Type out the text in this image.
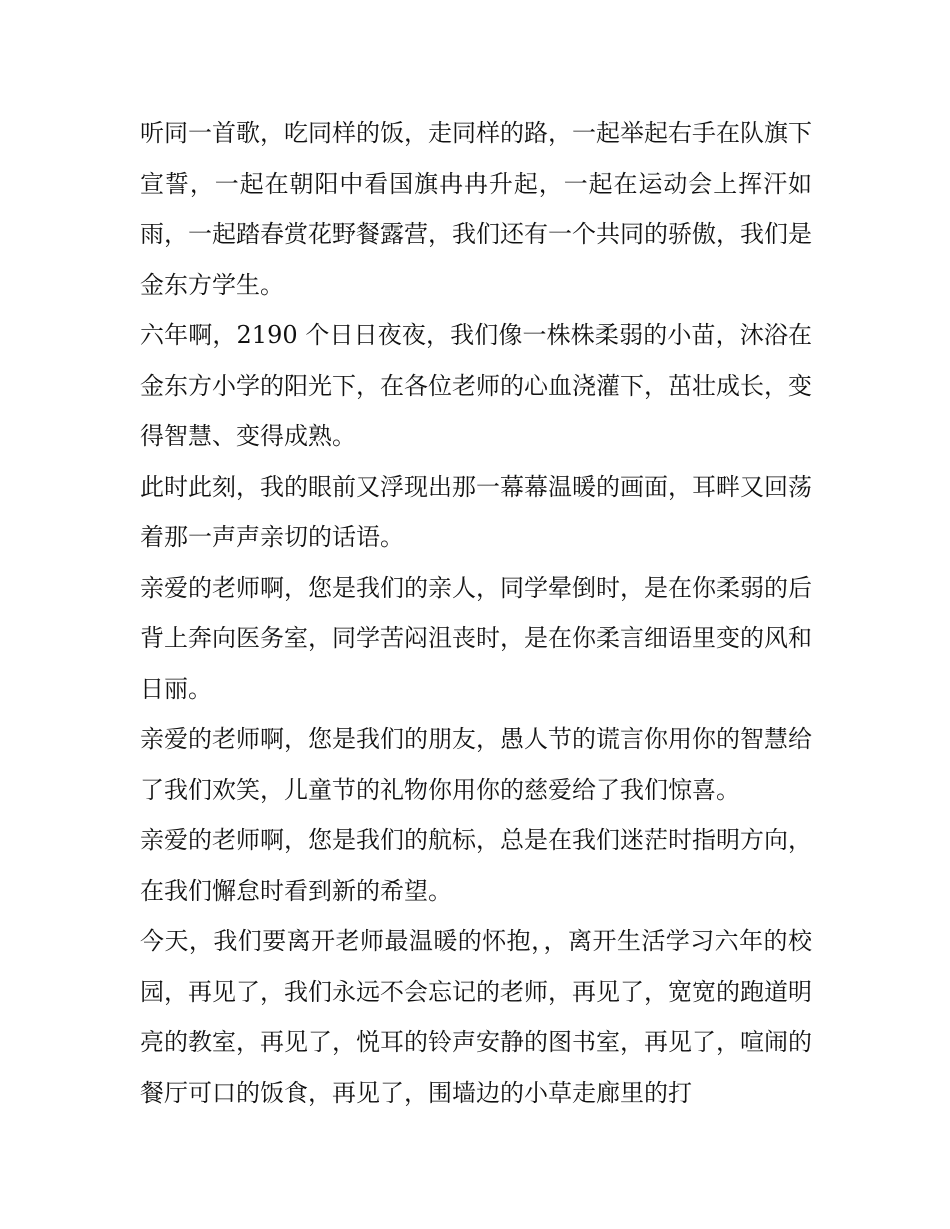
听同一首歌，吃同样的饭，走同样的路，一起举起右手在队旗下宣誓，一起在朝阳中看国旗冉冉升起，一起在运动会上挥汗如雨，一起踏春赏花野餐露营，我们还有一个共同的骄傲，我们是金东方学生。

六年啊，2190 个日日夜夜，我们像一株株柔弱的小苗，沐浴在金东方小学的阳光下，在各位老师的心血浇灌下，茁壮成长，变得智慧、变得成熟。

此时此刻，我的眼前又浮现出那一幕幕温暖的画面，耳畔又回荡着那一声声亲切的话语。

亲爱的老师啊，您是我们的亲人，同学晕倒时，是在你柔弱的后背上奔向医务室，同学苦闷沮丧时，是在你柔言细语里变的风和日丽。

亲爱的老师啊，您是我们的朋友，愚人节的谎言你用你的智慧给了我们欢笑，儿童节的礼物你用你的慈爱给了我们惊喜。

亲爱的老师啊，您是我们的航标，总是在我们迷茫时指明方向，在我们懈怠时看到新的希望。

今天，我们要离开老师最温暖的怀抱，，离开生活学习六年的校园，再见了，我们永远不会忘记的老师，再见了，宽宽的跑道明亮的教室，再见了，悦耳的铃声安静的图书室，再见了，喧闹的餐厅可口的饭食，再见了，围墙边的小草走廊里的打
